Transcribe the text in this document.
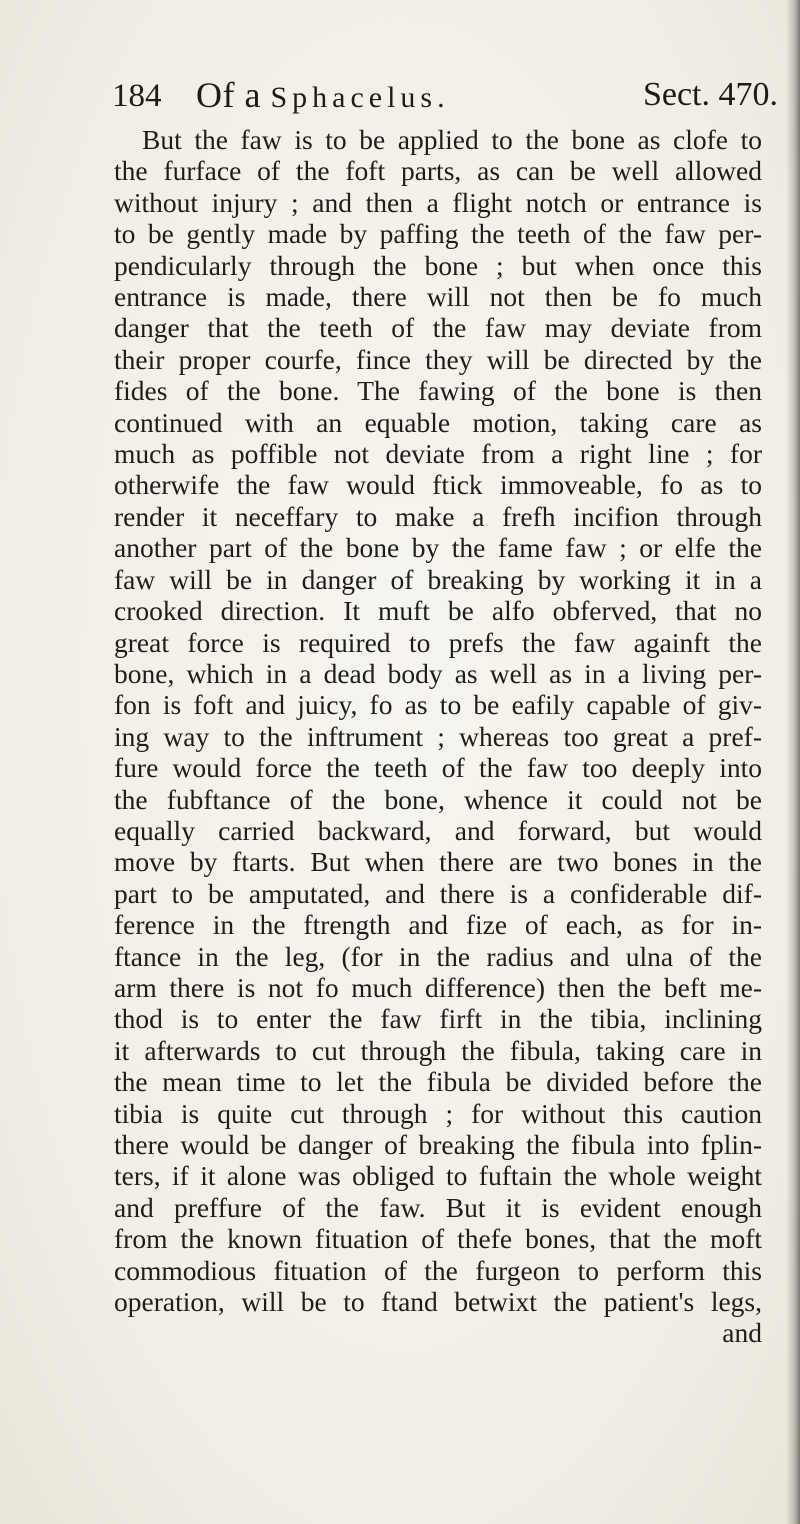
184 Of a Sphacelus.	Sect. 470.
But the faw is to be applied to the bone as clofe to
the furface of the foft parts, as can be well allowed
without injury ; and then a flight notch or entrance is
to be gently made by paffing the teeth of the faw per-
pendicularly through the bone ; but when once this
entrance is made, there will not then be fo much
danger that the teeth of the faw may deviate from
their proper courfe, fince they will be directed by the
fides of the bone. The fawing of the bone is then
continued with an equable motion, taking care as
much as poffible not deviate from a right line ; for
otherwife the faw would ftick immoveable, fo as to
render it neceffary to make a frefh incifion through
another part of the bone by the fame faw ; or elfe the
faw will be in danger of breaking by working it in a
crooked direction. It muft be alfo obferved, that no
great force is required to prefs the faw againft the
bone, which in a dead body as well as in a living per-
fon is foft and juicy, fo as to be eafily capable of giv-
ing way to the inftrument ; whereas too great a pref-
fure would force the teeth of the faw too deeply into
the fubftance of the bone, whence it could not be
equally carried backward, and forward, but would
move by ftarts. But when there are two bones in the
part to be amputated, and there is a confiderable dif-
ference in the ftrength and fize of each, as for in-
ftance in the leg, (for in the radius and ulna of the
arm there is not fo much difference) then the beft me-
thod is to enter the faw firft in the tibia, inclining
it afterwards to cut through the fibula, taking care in
the mean time to let the fibula be divided before the
tibia is quite cut through ; for without this caution
there would be danger of breaking the fibula into fplin-
ters, if it alone was obliged to fuftain the whole weight
and preffure of the faw. But it is evident enough
from the known fituation of thefe bones, that the moft
commodious fituation of the furgeon to perform this
operation, will be to ftand betwixt the patient's legs,
and
